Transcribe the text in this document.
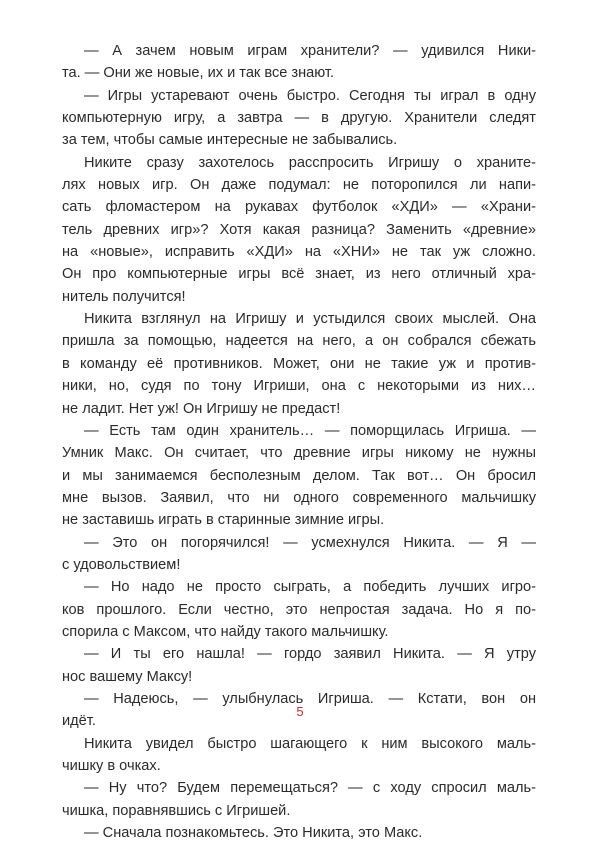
— А зачем новым играм хранители? — удивился Ники-
та. — Они же новые, их и так все знают.
— Игры устаревают очень быстро. Сегодня ты играл в одну
компьютерную игру, а завтра — в другую. Хранители следят
за тем, чтобы самые интересные не забывались.
Никите сразу захотелось расспросить Игришу о храните-
лях новых игр. Он даже подумал: не поторопился ли напи-
сать фломастером на рукавах футболок «ХДИ» — «Храни-
тель древних игр»? Хотя какая разница? Заменить «древние»
на «новые», исправить «ХДИ» на «ХНИ» не так уж сложно.
Он про компьютерные игры всё знает, из него отличный хра-
нитель получится!
Никита взглянул на Игришу и устыдился своих мыслей. Она
пришла за помощью, надеется на него, а он собрался сбежать
в команду её противников. Может, они не такие уж и против-
ники, но, судя по тону Игриши, она с некоторыми из них…
не ладит. Нет уж! Он Игришу не предаст!
— Есть там один хранитель… — поморщилась Игриша. —
Умник Макс. Он считает, что древние игры никому не нужны
и мы занимаемся бесполезным делом. Так вот… Он бросил
мне вызов. Заявил, что ни одного современного мальчишку
не заставишь играть в старинные зимние игры.
— Это он погорячился! — усмехнулся Никита. — Я —
с удовольствием!
— Но надо не просто сыграть, а победить лучших игро-
ков прошлого. Если честно, это непростая задача. Но я по-
спорила с Максом, что найду такого мальчишку.
— И ты его нашла! — гордо заявил Никита. — Я утру
нос вашему Максу!
— Надеюсь, — улыбнулась Игриша. — Кстати, вон он
идёт.
Никита увидел быстро шагающего к ним высокого маль-
чишку в очках.
— Ну что? Будем перемещаться? — с ходу спросил маль-
чишка, поравнявшись с Игришей.
— Сначала познакомьтесь. Это Никита, это Макс.
5
